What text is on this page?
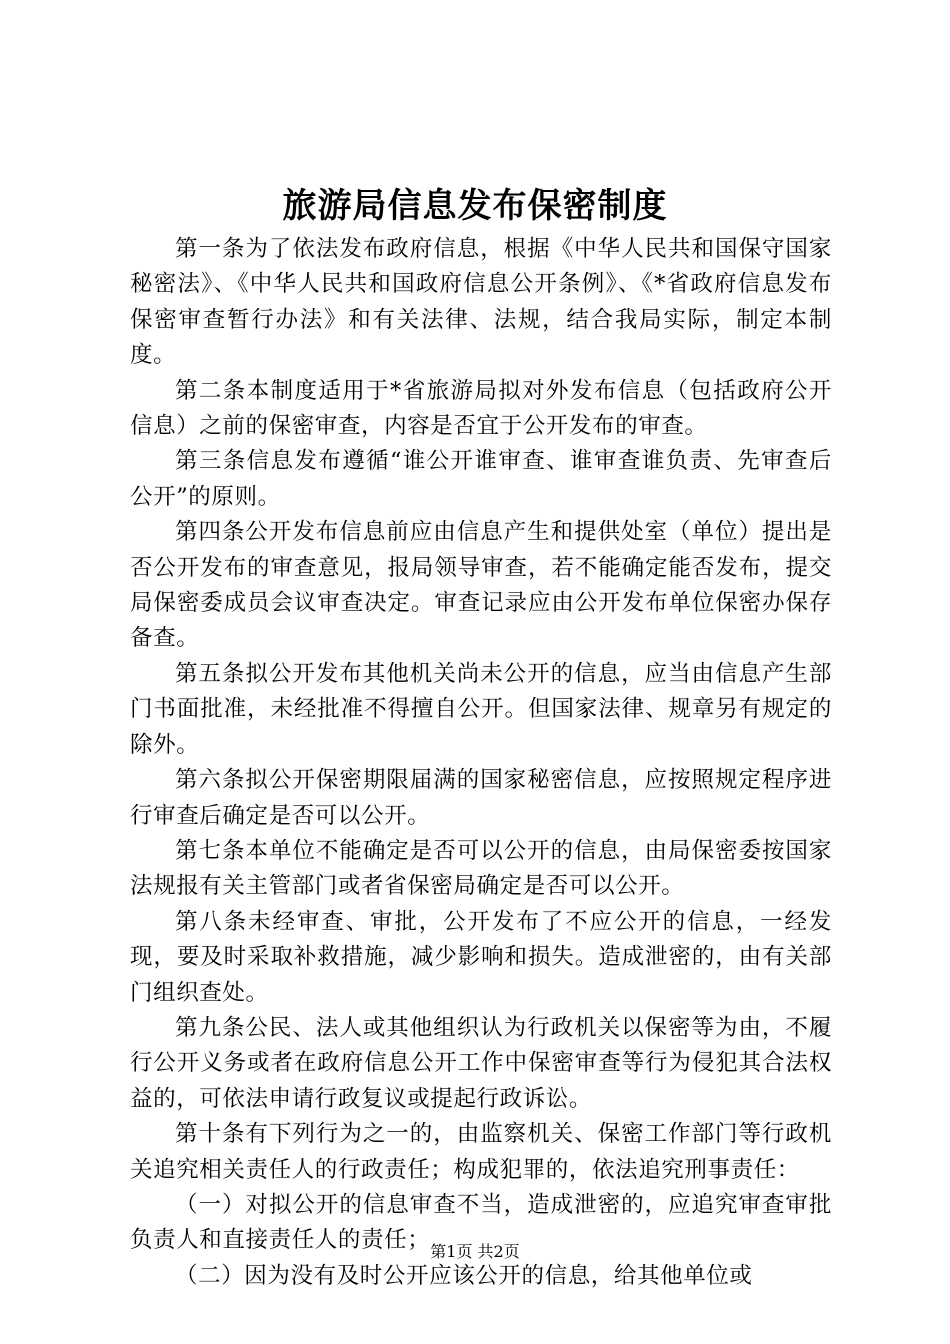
旅游局信息发布保密制度

第一条为了依法发布政府信息，根据《中华人民共和国保守国家秘密法》、《中华人民共和国政府信息公开条例》、《*省政府信息发布保密审查暂行办法》和有关法律、法规，结合我局实际，制定本制度。

第二条本制度适用于*省旅游局拟对外发布信息（包括政府公开信息）之前的保密审查，内容是否宜于公开发布的审查。

第三条信息发布遵循“谁公开谁审查、谁审查谁负责、先审查后公开”的原则。

第四条公开发布信息前应由信息产生和提供处室（单位）提出是否公开发布的审查意见，报局领导审查，若不能确定能否发布，提交局保密委成员会议审查决定。审查记录应由公开发布单位保密办保存备查。

第五条拟公开发布其他机关尚未公开的信息，应当由信息产生部门书面批准，未经批准不得擅自公开。但国家法律、规章另有规定的除外。

第六条拟公开保密期限届满的国家秘密信息，应按照规定程序进行审查后确定是否可以公开。

第七条本单位不能确定是否可以公开的信息，由局保密委按国家法规报有关主管部门或者省保密局确定是否可以公开。

第八条未经审查、审批，公开发布了不应公开的信息，一经发现，要及时采取补救措施，减少影响和损失。造成泄密的，由有关部门组织查处。

第九条公民、法人或其他组织认为行政机关以保密等为由，不履行公开义务或者在政府信息公开工作中保密审查等行为侵犯其合法权益的，可依法申请行政复议或提起行政诉讼。

第十条有下列行为之一的，由监察机关、保密工作部门等行政机关追究相关责任人的行政责任；构成犯罪的，依法追究刑事责任：

（一）对拟公开的信息审查不当，造成泄密的，应追究审查审批负责人和直接责任人的责任；

（二）因为没有及时公开应该公开的信息，给其他单位或

第1页 共2页
